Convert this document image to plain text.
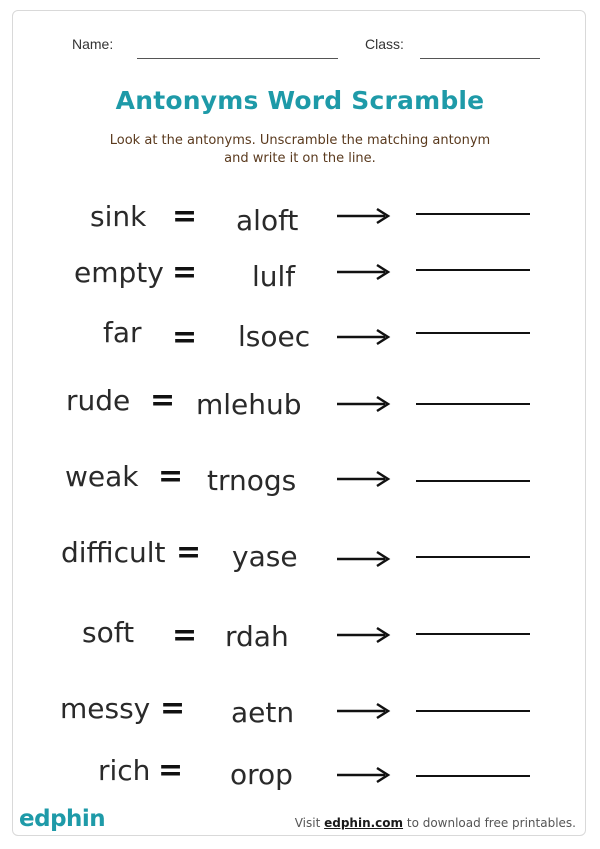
Name:	Class:
Antonyms Word Scramble
Look at the antonyms. Unscramble the matching antonym
and write it on the line.
sink = aloft
empty = lulf
far = lsoec
rude = mlehub
weak = trnogs
difficult = yase
soft = rdah
messy = aetn
rich = orop
edphin	Visit edphin.com to download free printables.
